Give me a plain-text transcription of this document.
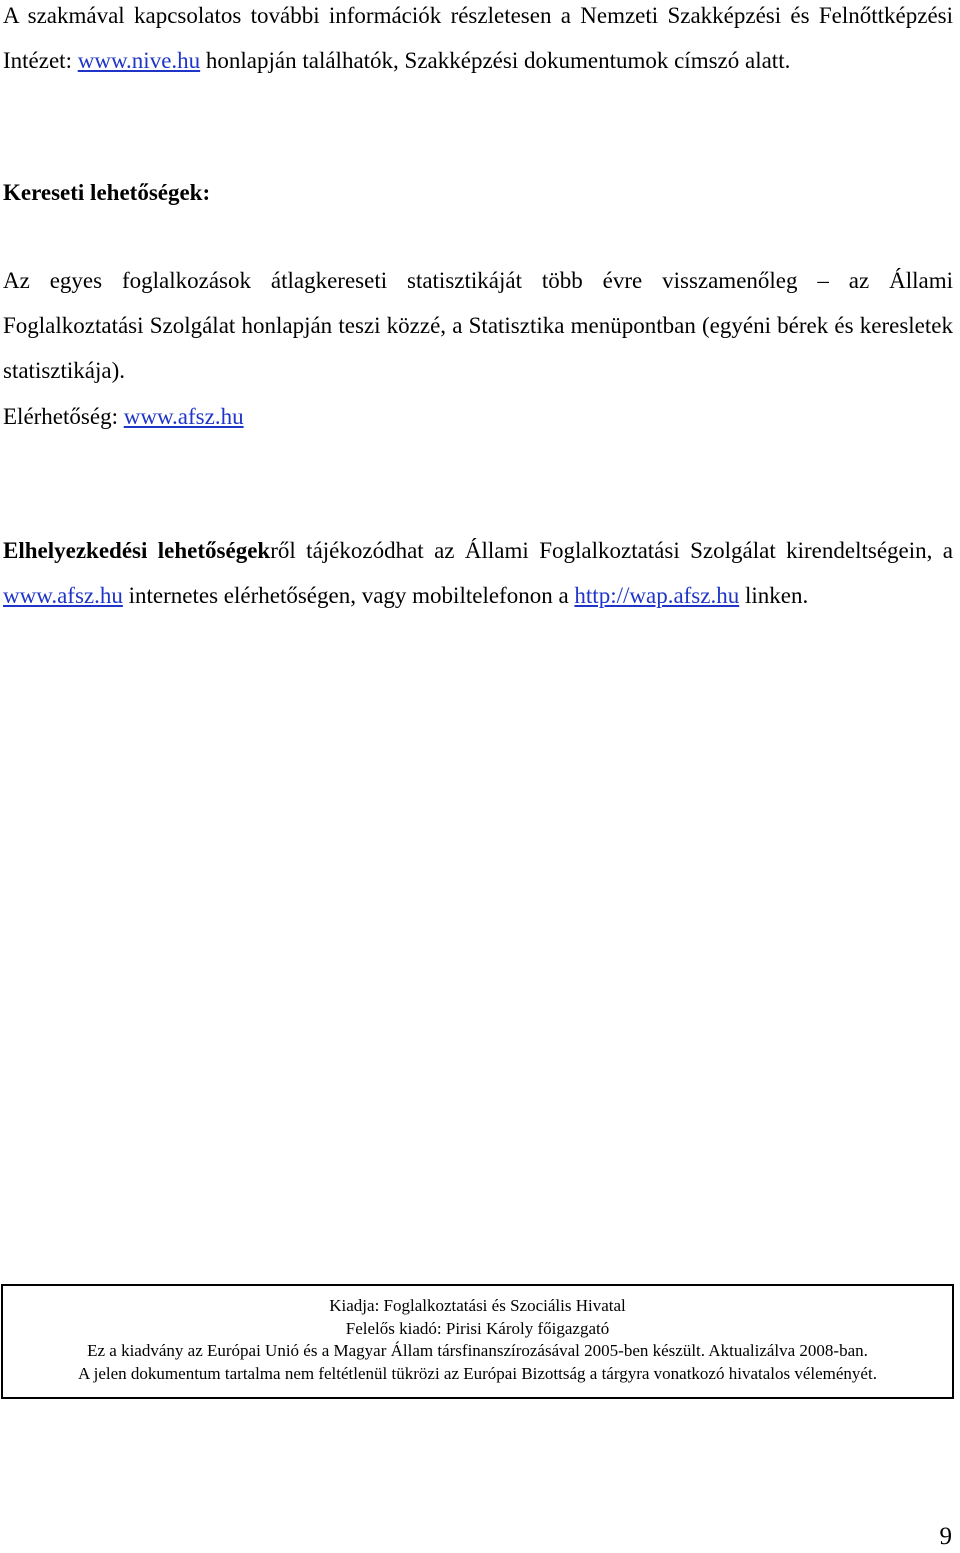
A szakmával kapcsolatos további információk részletesen a Nemzeti Szakképzési és Felnőttképzési Intézet: www.nive.hu honlapján találhatók, Szakképzési dokumentumok címszó alatt.
Kereseti lehetőségek:
Az egyes foglalkozások átlagkereseti statisztikáját több évre visszamenőleg – az Állami Foglalkoztatási Szolgálat honlapján teszi közzé, a Statisztika menüpontban (egyéni bérek és keresletek statisztikája).
Elérhetőség: www.afsz.hu
Elhelyezkedési lehetőségekről tájékozódhat az Állami Foglalkoztatási Szolgálat kirendeltségein, a www.afsz.hu internetes elérhetőségen, vagy mobiltelefonon a http://wap.afsz.hu linken.
Kiadja: Foglalkoztatási és Szociális Hivatal
Felelős kiadó: Pirisi Károly főigazgató
Ez a kiadvány az Európai Unió és a Magyar Állam társfinanszírozásával 2005-ben készült. Aktualizálva 2008-ban.
A jelen dokumentum tartalma nem feltétlenül tükrözi az Európai Bizottság a tárgyra vonatkozó hivatalos véleményét.
9
